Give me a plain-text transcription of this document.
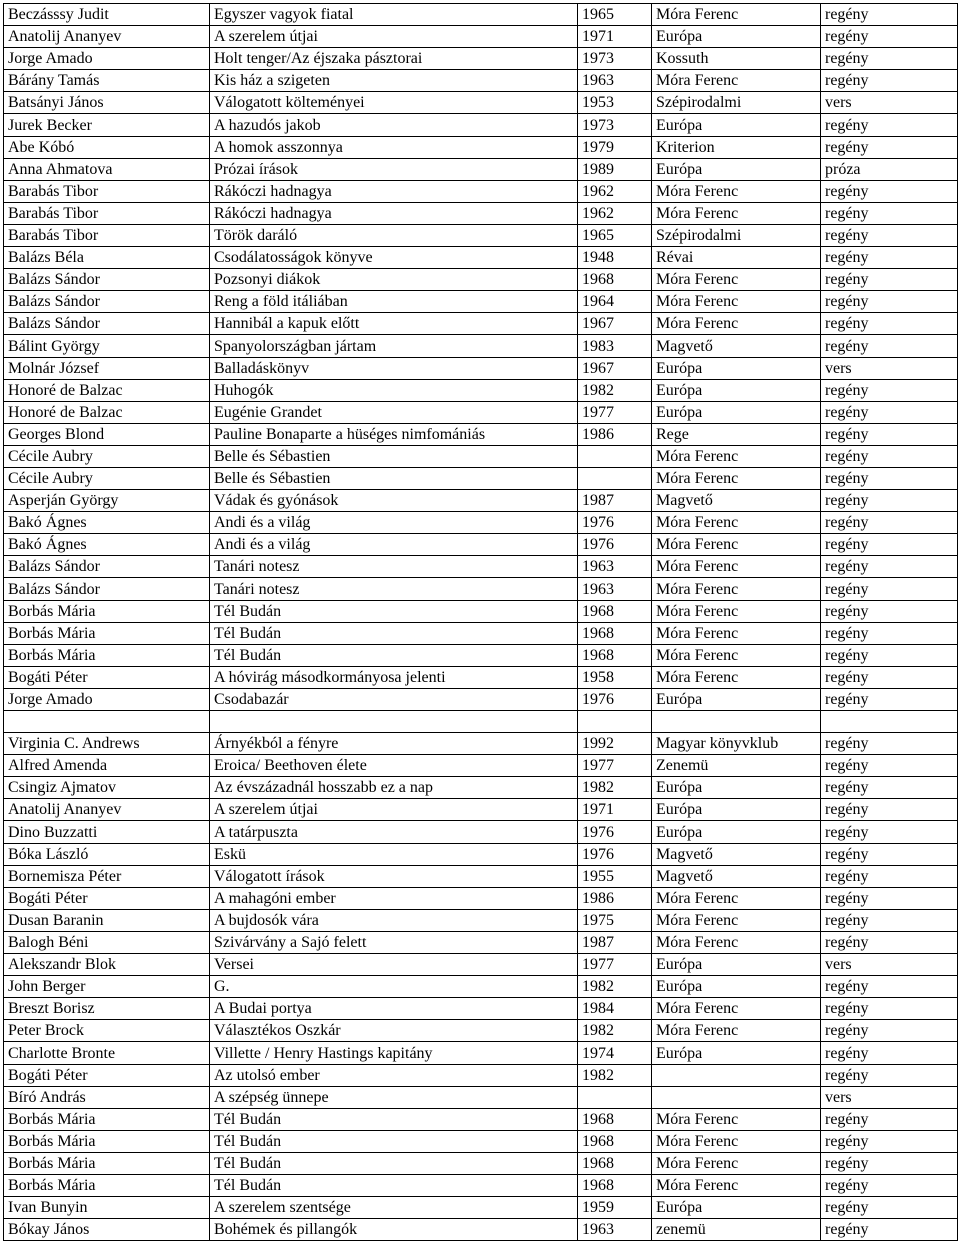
Beczásssy Judit	Egyszer vagyok fiatal	1965	Móra Ferenc	regény
Anatolij Ananyev	A szerelem útjai	1971	Európa	regény
Jorge Amado	Holt tenger/Az éjszaka pásztorai	1973	Kossuth	regény
Bárány Tamás	Kis ház a szigeten	1963	Móra Ferenc	regény
Batsányi János	Válogatott költeményei	1953	Szépirodalmi	vers
Jurek Becker	A hazudós jakob	1973	Európa	regény
Abe Kóbó	A homok asszonnya	1979	Kriterion	regény
Anna Ahmatova	Prózai írások	1989	Európa	próza
Barabás Tibor	Rákóczi hadnagya	1962	Móra Ferenc	regény
Barabás Tibor	Rákóczi hadnagya	1962	Móra Ferenc	regény
Barabás Tibor	Török daráló	1965	Szépirodalmi	regény
Balázs Béla	Csodálatosságok könyve	1948	Révai	regény
Balázs Sándor	Pozsonyi diákok	1968	Móra Ferenc	regény
Balázs Sándor	Reng a föld itáliában	1964	Móra Ferenc	regény
Balázs Sándor	Hannibál a kapuk előtt	1967	Móra Ferenc	regény
Bálint György	Spanyolországban jártam	1983	Magvető	regény
Molnár József	Balladáskönyv	1967	Európa	vers
Honoré de Balzac	Huhogók	1982	Európa	regény
Honoré de Balzac	Eugénie Grandet	1977	Európa	regény
Georges Blond	Pauline Bonaparte a hüséges nimfomániás	1986	Rege	regény
Cécile Aubry	Belle és Sébastien		Móra Ferenc	regény
Cécile Aubry	Belle és Sébastien		Móra Ferenc	regény
Asperján György	Vádak és gyónások	1987	Magvető	regény
Bakó Ágnes	Andi és a világ	1976	Móra Ferenc	regény
Bakó Ágnes	Andi és a világ	1976	Móra Ferenc	regény
Balázs Sándor	Tanári notesz	1963	Móra Ferenc	regény
Balázs Sándor	Tanári notesz	1963	Móra Ferenc	regény
Borbás Mária	Tél Budán	1968	Móra Ferenc	regény
Borbás Mária	Tél Budán	1968	Móra Ferenc	regény
Borbás Mária	Tél Budán	1968	Móra Ferenc	regény
Bogáti Péter	A hóvirág másodkormányosa jelenti	1958	Móra Ferenc	regény
Jorge Amado	Csodabazár	1976	Európa	regény

Virginia C. Andrews	Árnyékból a fényre	1992	Magyar könyvklub	regény
Alfred Amenda	Eroica/ Beethoven élete	1977	Zenemü	regény
Csingiz Ajmatov	Az évszázadnál hosszabb ez a nap	1982	Európa	regény
Anatolij Ananyev	A szerelem útjai	1971	Európa	regény
Dino Buzzatti	A tatárpuszta	1976	Európa	regény
Bóka László	Eskü	1976	Magvető	regény
Bornemisza Péter	Válogatott írások	1955	Magvető	regény
Bogáti Péter	A mahagóni ember	1986	Móra Ferenc	regény
Dusan Baranin	A bujdosók vára	1975	Móra Ferenc	regény
Balogh Béni	Szivárvány a Sajó felett	1987	Móra Ferenc	regény
Alekszandr Blok	Versei	1977	Európa	vers
John Berger	G.	1982	Európa	regény
Breszt Borisz	A Budai portya	1984	Móra Ferenc	regény
Peter Brock	Választékos Oszkár	1982	Móra Ferenc	regény
Charlotte Bronte	Villette / Henry Hastings kapitány	1974	Európa	regény
Bogáti Péter	Az utolsó ember	1982		regény
Bíró András	A szépség ünnepe			vers
Borbás Mária	Tél Budán	1968	Móra Ferenc	regény
Borbás Mária	Tél Budán	1968	Móra Ferenc	regény
Borbás Mária	Tél Budán	1968	Móra Ferenc	regény
Borbás Mária	Tél Budán	1968	Móra Ferenc	regény
Ivan Bunyin	A szerelem szentsége	1959	Európa	regény
Bókay János	Bohémek és pillangók	1963	zenemü	regény
